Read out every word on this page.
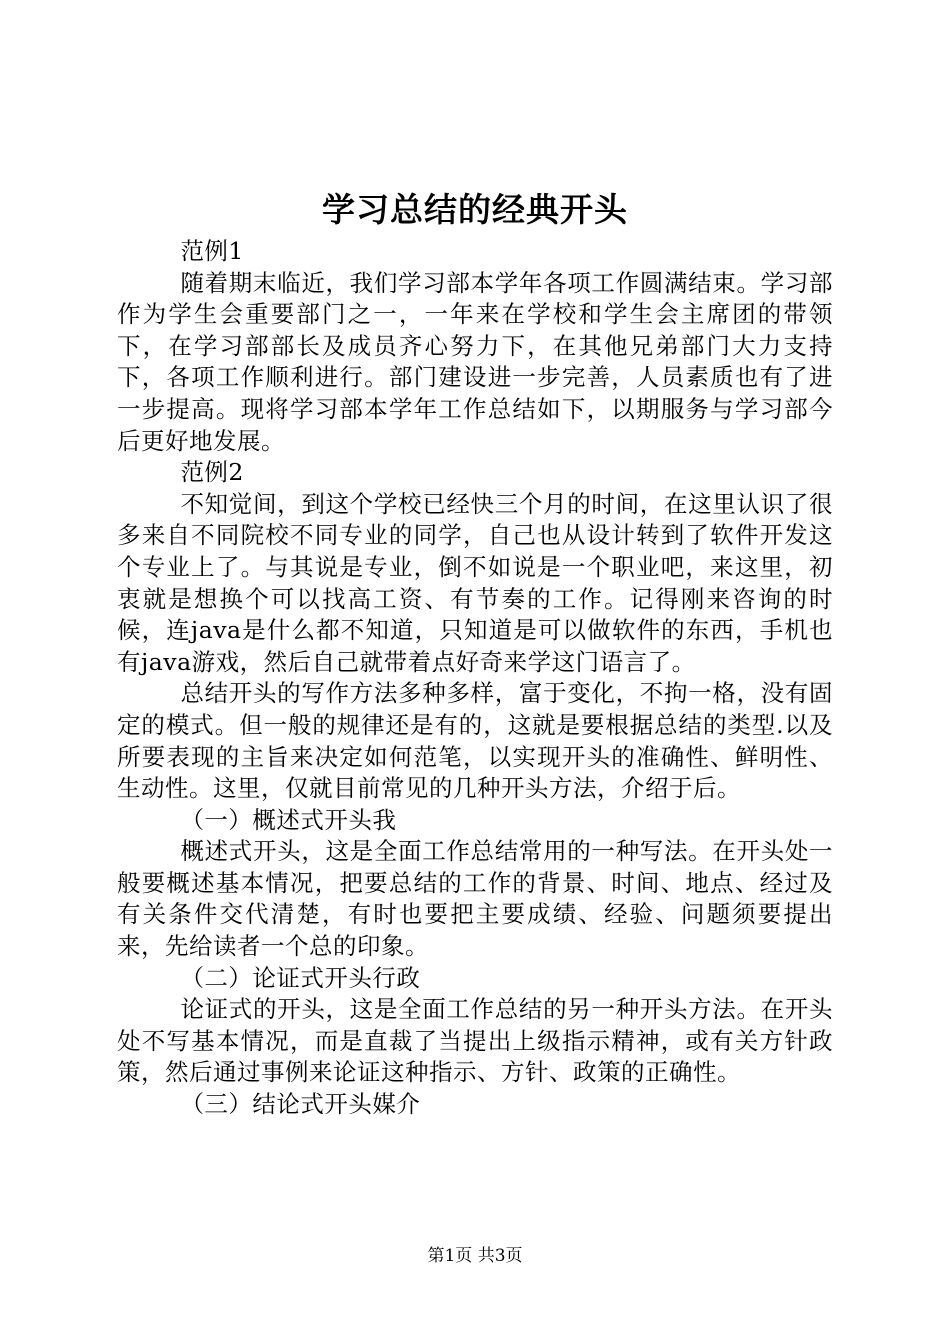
学习总结的经典开头

范例1

随着期末临近，我们学习部本学年各项工作圆满结束。学习部作为学生会重要部门之一，一年来在学校和学生会主席团的带领下，在学习部部长及成员齐心努力下，在其他兄弟部门大力支持下，各项工作顺利进行。部门建设进一步完善，人员素质也有了进一步提高。现将学习部本学年工作总结如下，以期服务与学习部今后更好地发展。

范例2

不知觉间，到这个学校已经快三个月的时间，在这里认识了很多来自不同院校不同专业的同学，自己也从设计转到了软件开发这个专业上了。与其说是专业，倒不如说是一个职业吧，来这里，初衷就是想换个可以找高工资、有节奏的工作。记得刚来咨询的时候，连java是什么都不知道，只知道是可以做软件的东西，手机也有java游戏，然后自己就带着点好奇来学这门语言了。

总结开头的写作方法多种多样，富于变化，不拘一格，没有固定的模式。但一般的规律还是有的，这就是要根据总结的类型.以及所要表现的主旨来决定如何范笔，以实现开头的准确性、鲜明性、生动性。这里，仅就目前常见的几种开头方法，介绍于后。

（一）概述式开头我

概述式开头，这是全面工作总结常用的一种写法。在开头处一般要概述基本情况，把要总结的工作的背景、时间、地点、经过及有关条件交代清楚，有时也要把主要成绩、经验、问题须要提出来，先给读者一个总的印象。

（二）论证式开头行政

论证式的开头，这是全面工作总结的另一种开头方法。在开头处不写基本情况，而是直裁了当提出上级指示精神，或有关方针政策，然后通过事例来论证这种指示、方针、政策的正确性。

（三）结论式开头媒介

第1页 共3页
